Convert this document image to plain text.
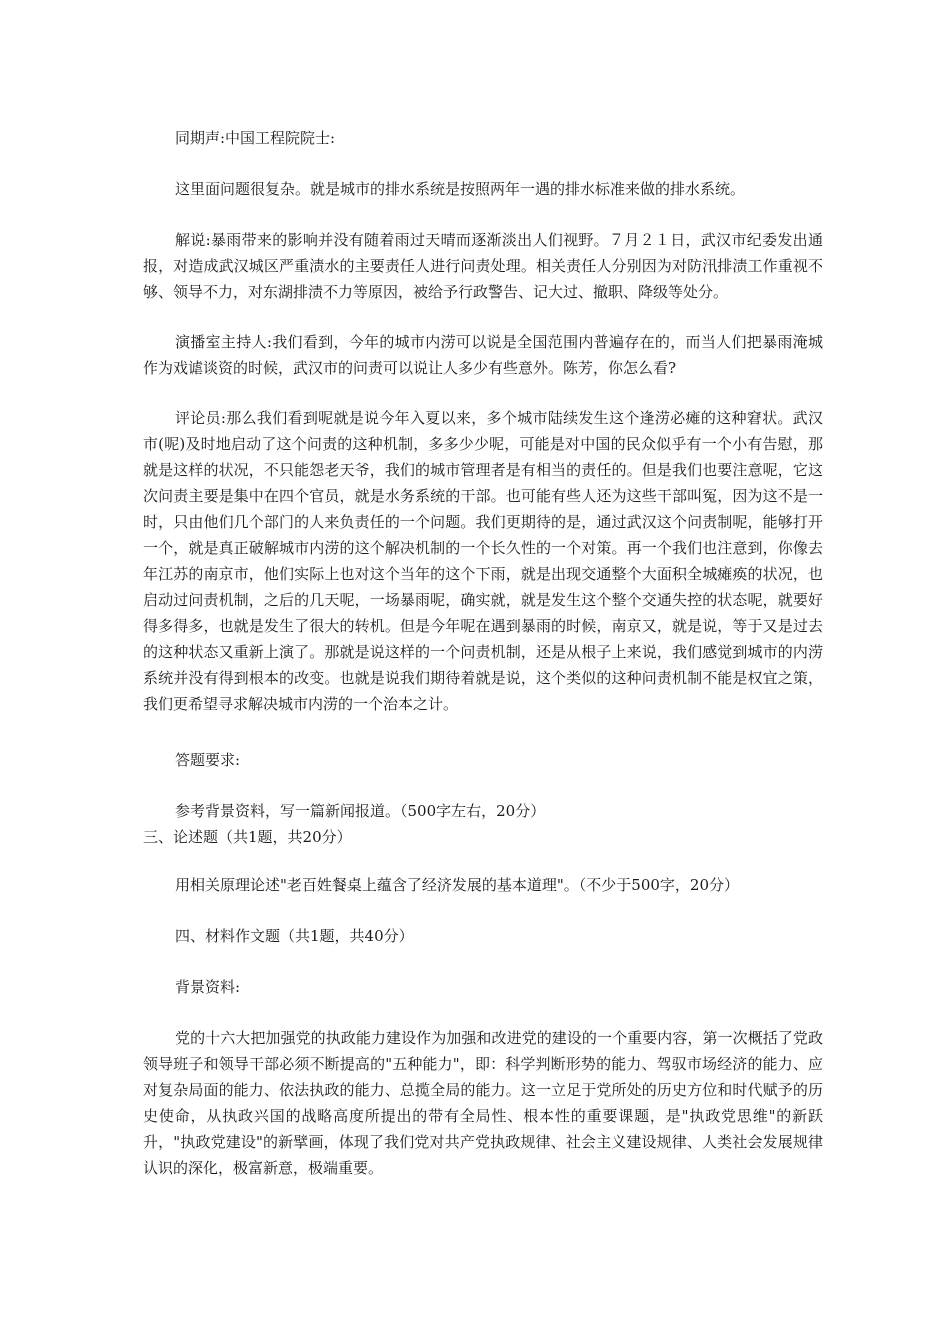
同期声:中国工程院院士:

这里面问题很复杂。就是城市的排水系统是按照两年一遇的排水标准来做的排水系统。

解说:暴雨带来的影响并没有随着雨过天晴而逐渐淡出人们视野。７月２１日，武汉市纪委发出通报，对造成武汉城区严重渍水的主要责任人进行问责处理。相关责任人分别因为对防汛排渍工作重视不够、领导不力，对东湖排渍不力等原因，被给予行政警告、记大过、撤职、降级等处分。

演播室主持人:我们看到，今年的城市内涝可以说是全国范围内普遍存在的，而当人们把暴雨淹城作为戏谑谈资的时候，武汉市的问责可以说让人多少有些意外。陈芳，你怎么看?

评论员:那么我们看到呢就是说今年入夏以来，多个城市陆续发生这个逢涝必瘫的这种窘状。武汉市(呢)及时地启动了这个问责的这种机制，多多少少呢，可能是对中国的民众似乎有一个小有告慰，那就是这样的状况，不只能怨老天爷，我们的城市管理者是有相当的责任的。但是我们也要注意呢，它这次问责主要是集中在四个官员，就是水务系统的干部。也可能有些人还为这些干部叫冤，因为这不是一时，只由他们几个部门的人来负责任的一个问题。我们更期待的是，通过武汉这个问责制呢，能够打开一个，就是真正破解城市内涝的这个解决机制的一个长久性的一个对策。再一个我们也注意到，你像去年江苏的南京市，他们实际上也对这个当年的这个下雨，就是出现交通整个大面积全城瘫痪的状况，也启动过问责机制，之后的几天呢，一场暴雨呢，确实就，就是发生这个整个交通失控的状态呢，就要好得多得多，也就是发生了很大的转机。但是今年呢在遇到暴雨的时候，南京又，就是说，等于又是过去的这种状态又重新上演了。那就是说这样的一个问责机制，还是从根子上来说，我们感觉到城市的内涝系统并没有得到根本的改变。也就是说我们期待着就是说，这个类似的这种问责机制不能是权宜之策，我们更希望寻求解决城市内涝的一个治本之计。

答题要求:

参考背景资料，写一篇新闻报道。（500字左右，20分）

三、论述题（共1题，共20分）

用相关原理论述"老百姓餐桌上蕴含了经济发展的基本道理"。（不少于500字，20分）

四、材料作文题（共1题，共40分）

背景资料:

党的十六大把加强党的执政能力建设作为加强和改进党的建设的一个重要内容，第一次概括了党政领导班子和领导干部必须不断提高的"五种能力"，即：科学判断形势的能力、驾驭市场经济的能力、应对复杂局面的能力、依法执政的能力、总揽全局的能力。这一立足于党所处的历史方位和时代赋予的历史使命，从执政兴国的战略高度所提出的带有全局性、根本性的重要课题，是"执政党思维"的新跃升，"执政党建设"的新擘画，体现了我们党对共产党执政规律、社会主义建设规律、人类社会发展规律认识的深化，极富新意，极端重要。
